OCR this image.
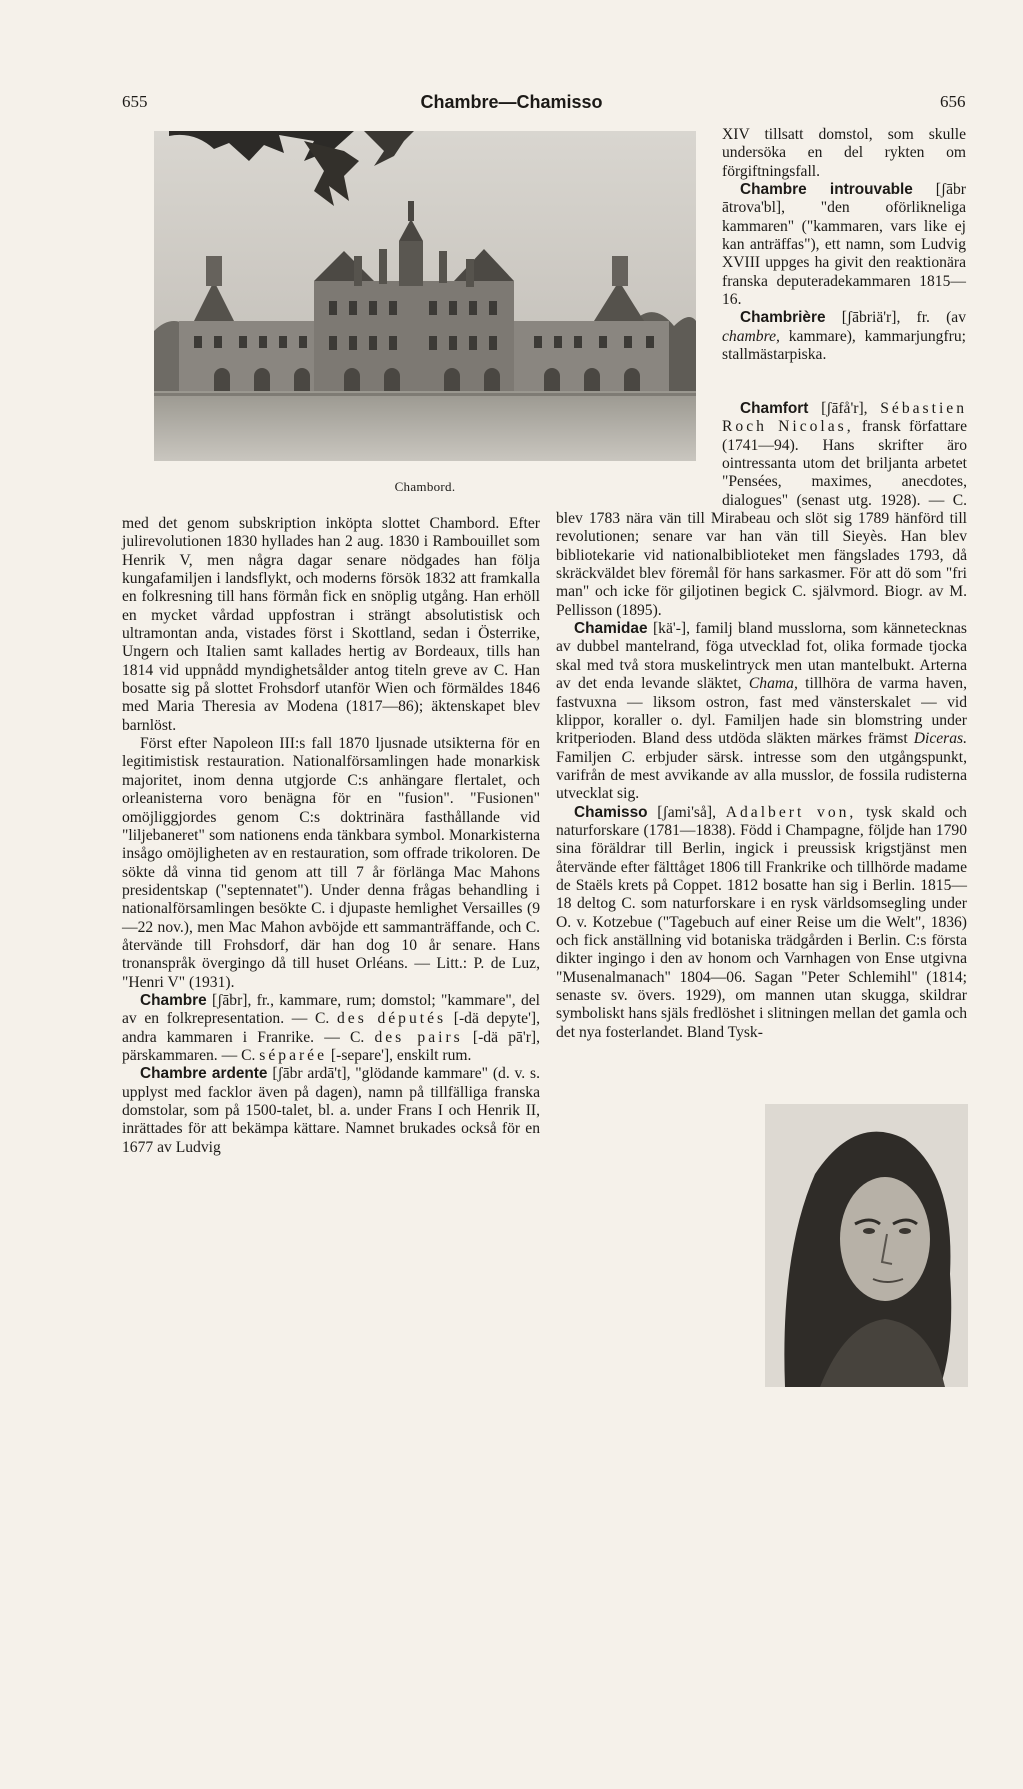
655	Chambre—Chamisso	656
Chambord.

med det genom subskription inköpta slottet Chambord. Efter julirevolutionen 1830 hyllades han 2 aug. 1830 i Rambouillet som Henrik V, men några dagar senare nödgades han följa kungafamiljen i landsflykt, och moderns försök 1832 att framkalla en folkresning till hans förmån fick en snöplig utgång. Han erhöll en mycket vårdad uppfostran i strängt absolutistisk och ultramontan anda, vistades först i Skottland, sedan i Österrike, Ungern och Italien samt kallades hertig av Bordeaux, tills han 1814 vid uppnådd myndighetsålder antog titeln greve av C. Han bosatte sig på slottet Frohsdorf utanför Wien och förmäldes 1846 med Maria Theresia av Modena (1817—86); äktenskapet blev barnlöst.

Först efter Napoleon III:s fall 1870 ljusnade utsikterna för en legitimistisk restauration. Nationalförsamlingen hade monarkisk majoritet, inom denna utgjorde C:s anhängare flertalet, och orleanisterna voro benägna för en "fusion". "Fusionen" omöjliggjordes genom C:s doktrinära fasthållande vid "liljebaneret" som nationens enda tänkbara symbol. Monarkisterna insågo omöjligheten av en restauration, som offrade trikoloren. De sökte då vinna tid genom att till 7 år förlänga Mac Mahons presidentskap ("septennatet"). Under denna frågas behandling i nationalförsamlingen besökte C. i djupaste hemlighet Versailles (9—22 nov.), men Mac Mahon avböjde ett sammanträffande, och C. återvände till Frohsdorf, där han dog 10 år senare. Hans tronanspråk övergingo då till huset Orléans. — Litt.: P. de Luz, "Henri V" (1931).

Chambre [ʃābr], fr., kammare, rum; domstol; "kammare", del av en folkrepresentation. — C. des députés [-dä depyte'], andra kammaren i Franrike. — C. des pairs [-dä pā'r], pärskammaren. — C. séparée [-separe'], enskilt rum.

Chambre ardente [ʃābr ardā't], "glödande kammare" (d. v. s. upplyst med facklor även på dagen), namn på tillfälliga franska domstolar, som på 1500-talet, bl. a. under Frans I och Henrik II, inrättades för att bekämpa kättare. Namnet brukades också för en 1677 av Ludvig

XIV tillsatt domstol, som skulle undersöka en del rykten om förgiftningsfall.

Chambre introuvable [ʃābr ātrova'bl], "den oförlikneliga kammaren" ("kammaren, vars like ej kan anträffas"), ett namn, som Ludvig XVIII uppges ha givit den reaktionära franska deputeradekammaren 1815—16.

Chambrière [ʃābriä'r], fr. (av chambre, kammare), kammarjungfru; stallmästarpiska.

Chamfort [ʃāfå'r], Sébastien Roch Nicolas, fransk författare (1741—94). Hans skrifter äro ointressanta utom det briljanta arbetet "Pensées, maximes, anecdotes, dialogues" (senast utg. 1928). — C. blev 1783 nära vän till Mirabeau och slöt sig 1789 hänförd till revolutionen; senare var han vän till Sieyès. Han blev bibliotekarie vid nationalbiblioteket men fängslades 1793, då skräckväldet blev föremål för hans sarkasmer. För att dö som "fri man" och icke för giljotinen begick C. självmord. Biogr. av M. Pellisson (1895).

Chamidae [kä'-], familj bland musslorna, som kännetecknas av dubbel mantelrand, föga utvecklad fot, olika formade tjocka skal med två stora muskelintryck men utan mantelbukt. Arterna av det enda levande släktet, Chama, tillhöra de varma haven, fastvuxna — liksom ostron, fast med vänsterskalet — vid klippor, koraller o. dyl. Familjen hade sin blomstring under kritperioden. Bland dess utdöda släkten märkes främst Diceras. Familjen C. erbjuder särsk. intresse som den utgångspunkt, varifrån de mest avvikande av alla musslor, de fossila rudisterna utvecklat sig.

Chamisso [ʃami'så], Adalbert von, tysk skald och naturforskare (1781—1838). Född i Champagne, följde han 1790 sina föräldrar till Berlin, ingick i preussisk krigstjänst men återvände efter fälttåget 1806 till Frankrike och tillhörde madame de Staëls krets på Coppet. 1812 bosatte han sig i Berlin. 1815—18 deltog C. som naturforskare i en rysk världsomsegling under O. v. Kotzebue ("Tagebuch auf einer Reise um die Welt", 1836) och fick anställning vid botaniska trädgården i Berlin. C:s första dikter ingingo i den av honom och Varnhagen von Ense utgivna "Musenalmanach" 1804—06. Sagan "Peter Schlemihl" (1814; senaste sv. övers. 1929), om mannen utan skugga, skildrar symboliskt hans själs fredlöshet i slitningen mellan det gamla och det nya fosterlandet. Bland Tysk-
